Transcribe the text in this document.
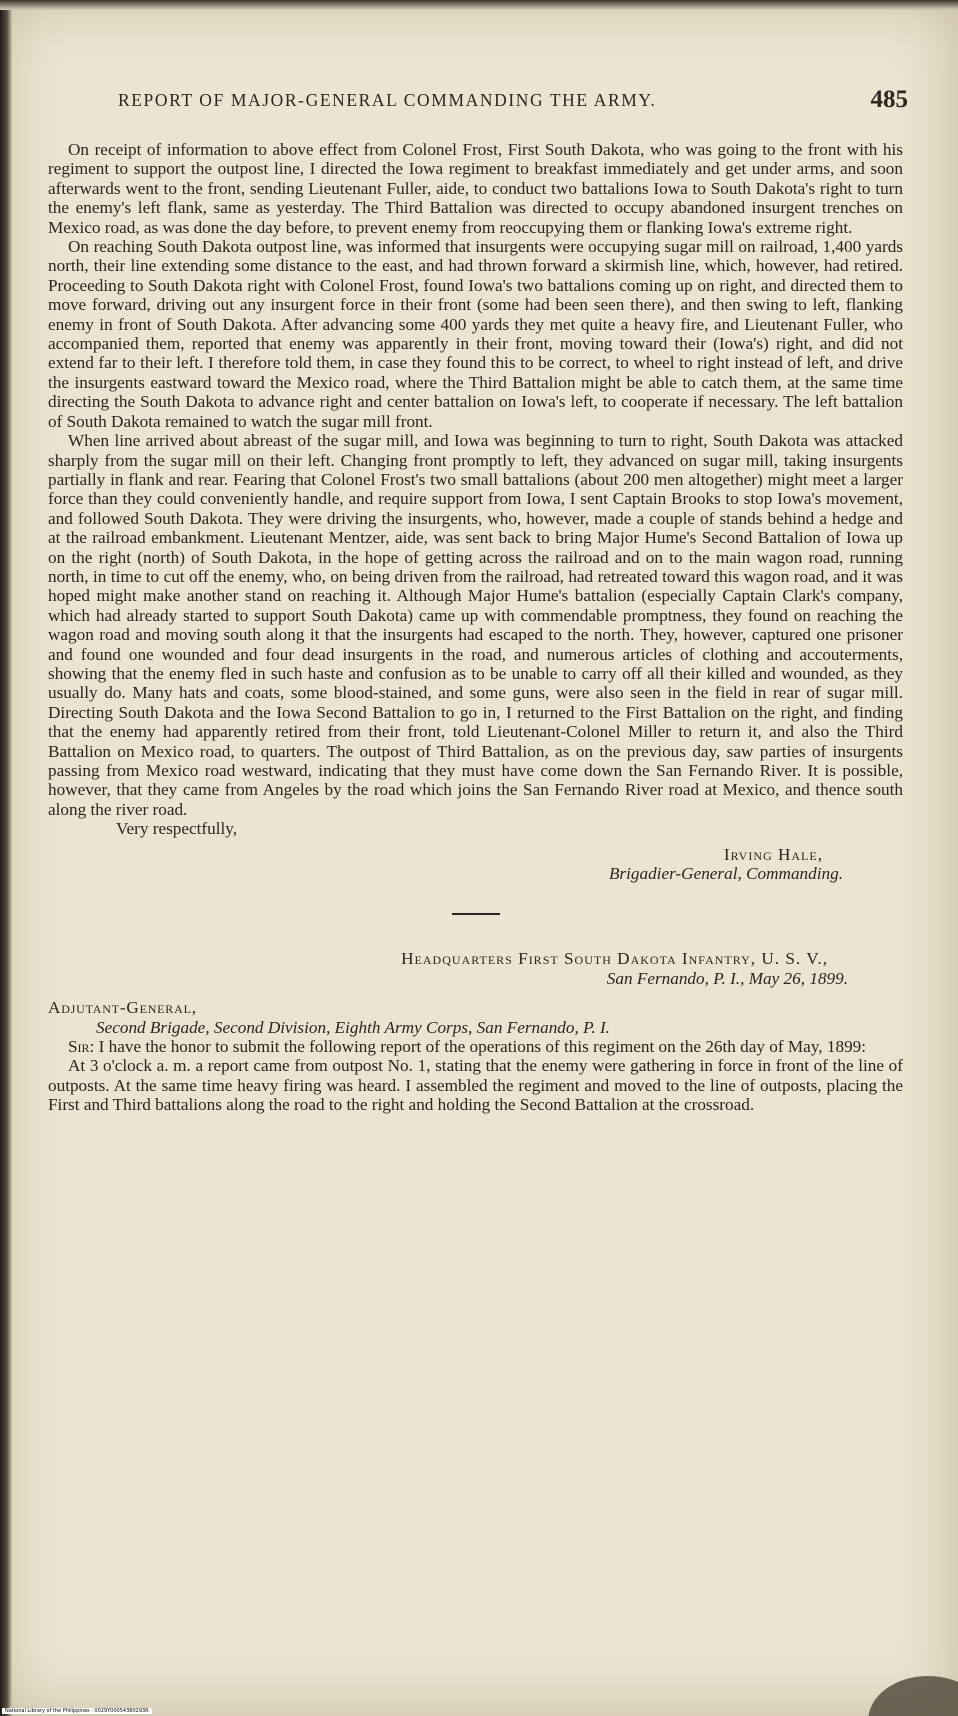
REPORT OF MAJOR-GENERAL COMMANDING THE ARMY.	485

On receipt of information to above effect from Colonel Frost, First South Dakota, who was going to the front with his regiment to support the outpost line, I directed the Iowa regiment to breakfast immediately and get under arms, and soon afterwards went to the front, sending Lieutenant Fuller, aide, to conduct two battalions Iowa to South Dakota's right to turn the enemy's left flank, same as yesterday. The Third Battalion was directed to occupy abandoned insurgent trenches on Mexico road, as was done the day before, to prevent enemy from reoccupying them or flanking Iowa's extreme right.

On reaching South Dakota outpost line, was informed that insurgents were occupying sugar mill on railroad, 1,400 yards north, their line extending some distance to the east, and had thrown forward a skirmish line, which, however, had retired. Proceeding to South Dakota right with Colonel Frost, found Iowa's two battalions coming up on right, and directed them to move forward, driving out any insurgent force in their front (some had been seen there), and then swing to left, flanking enemy in front of South Dakota. After advancing some 400 yards they met quite a heavy fire, and Lieutenant Fuller, who accompanied them, reported that enemy was apparently in their front, moving toward their (Iowa's) right, and did not extend far to their left. I therefore told them, in case they found this to be correct, to wheel to right instead of left, and drive the insurgents eastward toward the Mexico road, where the Third Battalion might be able to catch them, at the same time directing the South Dakota to advance right and center battalion on Iowa's left, to cooperate if necessary. The left battalion of South Dakota remained to watch the sugar mill front.

When line arrived about abreast of the sugar mill, and Iowa was beginning to turn to right, South Dakota was attacked sharply from the sugar mill on their left. Changing front promptly to left, they advanced on sugar mill, taking insurgents partially in flank and rear. Fearing that Colonel Frost's two small battalions (about 200 men altogether) might meet a larger force than they could conveniently handle, and require support from Iowa, I sent Captain Brooks to stop Iowa's movement, and followed South Dakota. They were driving the insurgents, who, however, made a couple of stands behind a hedge and at the railroad embankment. Lieutenant Mentzer, aide, was sent back to bring Major Hume's Second Battalion of Iowa up on the right (north) of South Dakota, in the hope of getting across the railroad and on to the main wagon road, running north, in time to cut off the enemy, who, on being driven from the railroad, had retreated toward this wagon road, and it was hoped might make another stand on reaching it. Although Major Hume's battalion (especially Captain Clark's company, which had already started to support South Dakota) came up with commendable promptness, they found on reaching the wagon road and moving south along it that the insurgents had escaped to the north. They, however, captured one prisoner and found one wounded and four dead insurgents in the road, and numerous articles of clothing and accouterments, showing that the enemy fled in such haste and confusion as to be unable to carry off all their killed and wounded, as they usually do. Many hats and coats, some blood-stained, and some guns, were also seen in the field in rear of sugar mill. Directing South Dakota and the Iowa Second Battalion to go in, I returned to the First Battalion on the right, and finding that the enemy had apparently retired from their front, told Lieutenant-Colonel Miller to return it, and also the Third Battalion on Mexico road, to quarters. The outpost of Third Battalion, as on the previous day, saw parties of insurgents passing from Mexico road westward, indicating that they must have come down the San Fernando River. It is possible, however, that they came from Angeles by the road which joins the San Fernando River road at Mexico, and thence south along the river road.

Very respectfully,
Irving Hale,
Brigadier-General, Commanding.
Headquarters First South Dakota Infantry, U. S. V.,
San Fernando, P. I., May 26, 1899.
Adjutant-General,
Second Brigade, Second Division, Eighth Army Corps, San Fernando, P. I.

Sir: I have the honor to submit the following report of the operations of this regiment on the 26th day of May, 1899:

At 3 o'clock a. m. a report came from outpost No. 1, stating that the enemy were gathering in force in front of the line of outposts. At the same time heavy firing was heard. I assembled the regiment and moved to the line of outposts, placing the First and Third battalions along the road to the right and holding the Second Battalion at the crossroad.

National Library of the Philippines · 0029Y00054380293R
